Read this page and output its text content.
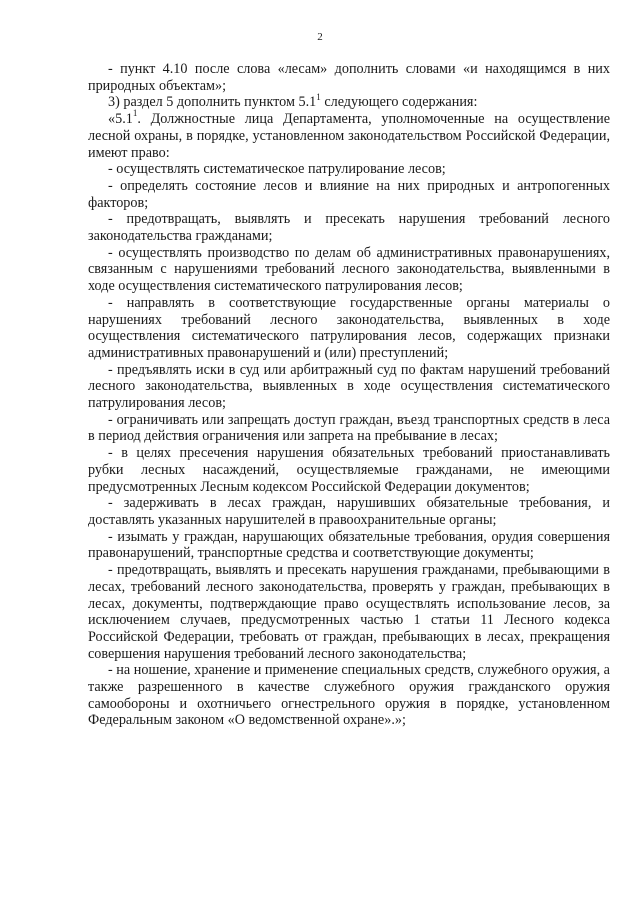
2

- пункт 4.10 после слова «лесам» дополнить словами «и находящимся в них природных объектам»;

3) раздел 5 дополнить пунктом $5.1^1$ следующего содержания:

«$5.1^1$. Должностные лица Департамента, уполномоченные на осуществление лесной охраны, в порядке, установленном законодательством Российской Федерации, имеют право:

- осуществлять систематическое патрулирование лесов;

- определять состояние лесов и влияние на них природных и антропогенных факторов;

- предотвращать, выявлять и пресекать нарушения требований лесного законодательства гражданами;

- осуществлять производство по делам об административных правонарушениях, связанным с нарушениями требований лесного законодательства, выявленными в ходе осуществления систематического патрулирования лесов;

- направлять в соответствующие государственные органы материалы о нарушениях требований лесного законодательства, выявленных в ходе осуществления систематического патрулирования лесов, содержащих признаки административных правонарушений и (или) преступлений;

- предъявлять иски в суд или арбитражный суд по фактам нарушений требований лесного законодательства, выявленных в ходе осуществления систематического патрулирования лесов;

- ограничивать или запрещать доступ граждан, въезд транспортных средств в леса в период действия ограничения или запрета на пребывание в лесах;

- в целях пресечения нарушения обязательных требований приостанавливать рубки лесных насаждений, осуществляемые гражданами, не имеющими предусмотренных Лесным кодексом Российской Федерации документов;

- задерживать в лесах граждан, нарушивших обязательные требования, и доставлять указанных нарушителей в правоохранительные органы;

- изымать у граждан, нарушающих обязательные требования, орудия совершения правонарушений, транспортные средства и соответствующие документы;

- предотвращать, выявлять и пресекать нарушения гражданами, пребывающими в лесах, требований лесного законодательства, проверять у граждан, пребывающих в лесах, документы, подтверждающие право осуществлять использование лесов, за исключением случаев, предусмотренных частью 1 статьи 11 Лесного кодекса Российской Федерации, требовать от граждан, пребывающих в лесах, прекращения совершения нарушения требований лесного законодательства;

- на ношение, хранение и применение специальных средств, служебного оружия, а также разрешенного в качестве служебного оружия гражданского оружия самообороны и охотничьего огнестрельного оружия в порядке, установленном Федеральным законом «О ведомственной охране».»;
